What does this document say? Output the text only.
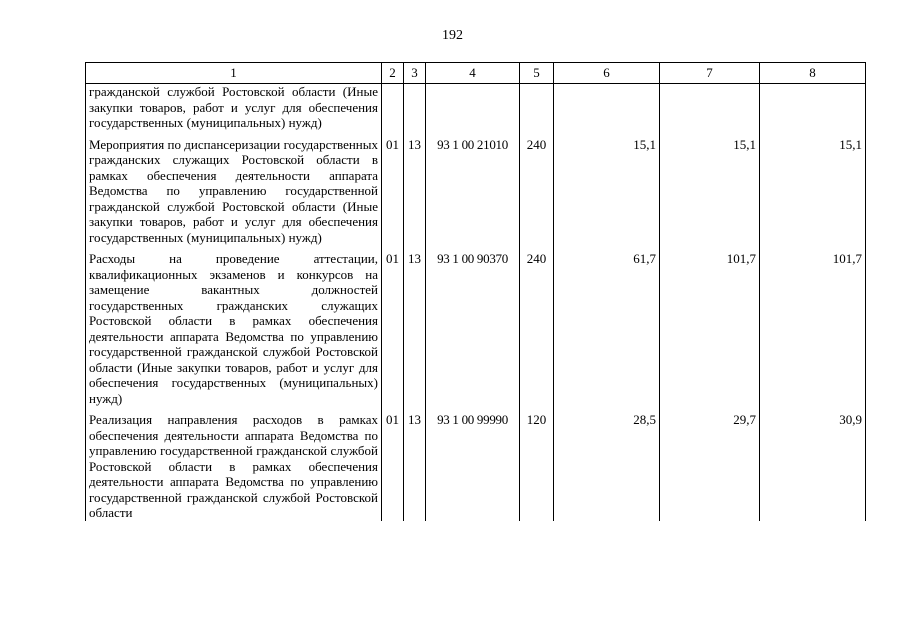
192
1	2	3	4	5	6	7	8
гражданской службой Ростовской области (Иные закупки товаров, работ и услуг для обеспечения государственных (муниципальных) нужд)							

Мероприятия по диспансеризации государственных гражданских служащих Ростовской области в рамках обеспечения деятельности аппарата Ведомства по управлению государственной гражданской службой Ростовской области (Иные закупки товаров, работ и услуг для обеспечения государственных (муниципальных) нужд)	01	13	93 1 00 21010	240	15,1	15,1	15,1

Расходы на проведение аттестации, квалификационных экзаменов и конкурсов на замещение вакантных должностей государственных гражданских служащих Ростовской области в рамках обеспечения деятельности аппарата Ведомства по управлению государственной гражданской службой Ростовской области (Иные закупки товаров, работ и услуг для обеспечения государственных (муниципальных) нужд)	01	13	93 1 00 90370	240	61,7	101,7	101,7

Реализация направления расходов в рамках обеспечения деятельности аппарата Ведомства по управлению государственной гражданской службой Ростовской области в рамках обеспечения деятельности аппарата Ведомства по управлению государственной гражданской службой Ростовской области	01	13	93 1 00 99990	120	28,5	29,7	30,9
